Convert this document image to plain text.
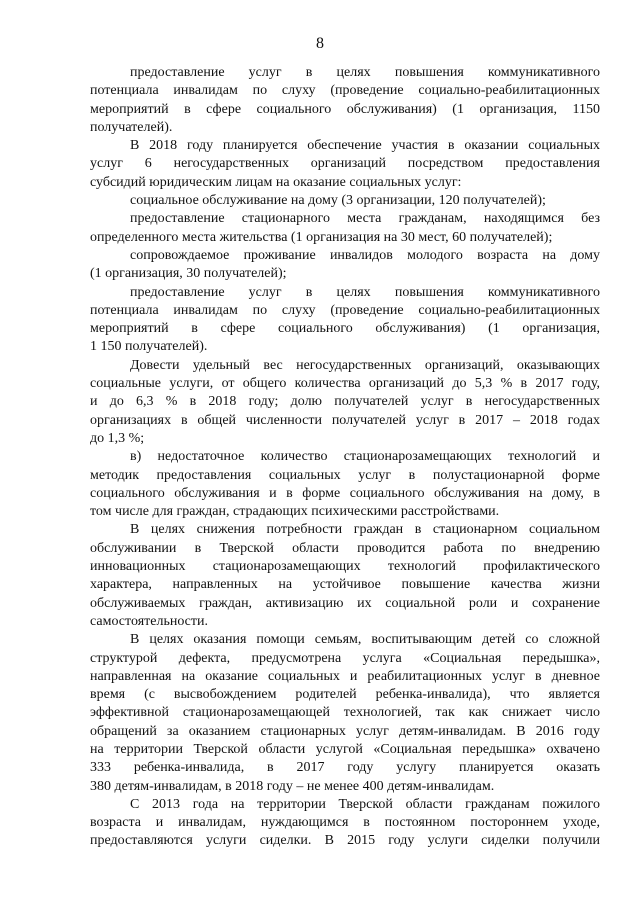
8
предоставление услуг в целях повышения коммуникативного
потенциала инвалидам по слуху (проведение социально-реабилитационных
мероприятий в сфере социального обслуживания) (1 организация, 1150
получателей).
В 2018 году планируется обеспечение участия в оказании социальных
услуг 6 негосударственных организаций посредством предоставления
субсидий юридическим лицам на оказание социальных услуг:
социальное обслуживание на дому (3 организации, 120 получателей);
предоставление стационарного места гражданам, находящимся без
определенного места жительства (1 организация на 30 мест, 60 получателей);
сопровождаемое проживание инвалидов молодого возраста на дому
(1 организация, 30 получателей);
предоставление услуг в целях повышения коммуникативного
потенциала инвалидам по слуху (проведение социально-реабилитационных
мероприятий в сфере социального обслуживания) (1 организация,
1 150 получателей).
Довести удельный вес негосударственных организаций, оказывающих
социальные услуги, от общего количества организаций до 5,3 % в 2017 году,
и до 6,3 % в 2018 году; долю получателей услуг в негосударственных
организациях в общей численности получателей услуг в 2017 – 2018 годах
до 1,3 %;
в) недостаточное количество стационарозамещающих технологий и
методик предоставления социальных услуг в полустационарной форме
социального обслуживания и в форме социального обслуживания на дому, в
том числе для граждан, страдающих психическими расстройствами.
В целях снижения потребности граждан в стационарном социальном
обслуживании в Тверской области проводится работа по внедрению
инновационных стационарозамещающих технологий профилактического
характера, направленных на устойчивое повышение качества жизни
обслуживаемых граждан, активизацию их социальной роли и сохранение
самостоятельности.
В целях оказания помощи семьям, воспитывающим детей со сложной
структурой дефекта, предусмотрена услуга «Социальная передышка»,
направленная на оказание социальных и реабилитационных услуг в дневное
время (с высвобождением родителей ребенка-инвалида), что является
эффективной стационарозамещающей технологией, так как снижает число
обращений за оказанием стационарных услуг детям-инвалидам. В 2016 году
на территории Тверской области услугой «Социальная передышка» охвачено
333 ребенка-инвалида, в 2017 году услугу планируется оказать
380 детям-инвалидам, в 2018 году – не менее 400 детям-инвалидам.
С 2013 года на территории Тверской области гражданам пожилого
возраста и инвалидам, нуждающимся в постоянном постороннем уходе,
предоставляются услуги сиделки. В 2015 году услуги сиделки получили
